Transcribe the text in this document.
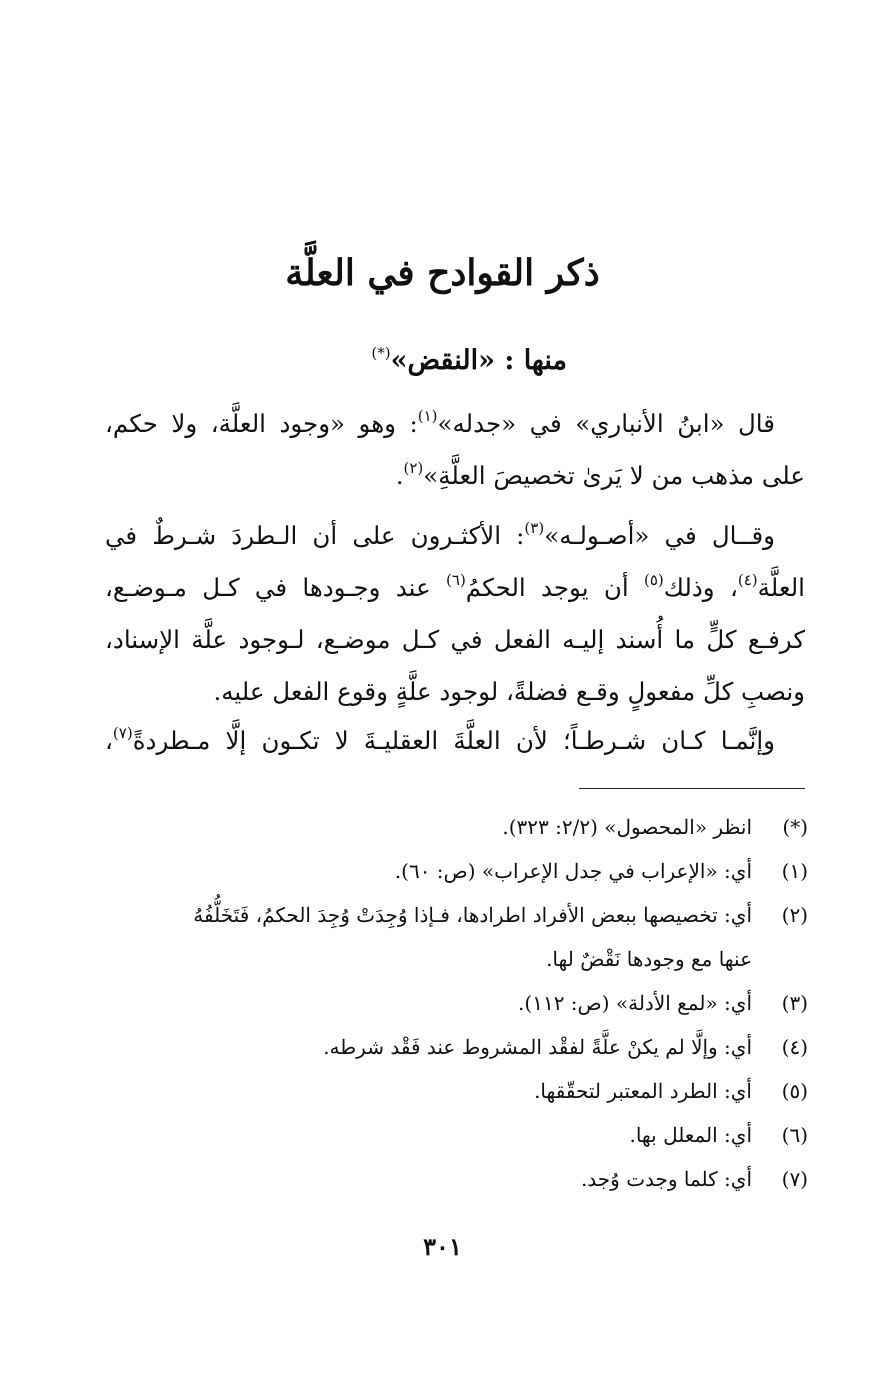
ذكر القوادح في العلَّة
منها : «النقض»(*)
قال «ابنُ الأنباري» في «جدله»$^{(١)}$: وهو «وجود العلَّة، ولا حكم،
على مذهب من لا يَرىٰ تخصيصَ العلَّةِ»$^{(٢)}$.
وقــال في «أصـولـه»$^{(٣)}$: الأكثـرون على أن الـطردَ شـرطٌ في
العلَّة$^{(٤)}$، وذلك$^{(٥)}$ أن يوجد الحكمُ$^{(٦)}$ عند وجـودها في كـل مـوضـع،
كرفـع كلٍّ ما أُسند إليـه الفعل في كـل موضـع، لـوجود علَّة الإسناد،
ونصبِ كلِّ مفعولٍ وقـع فضلةً، لوجود علَّةٍ وقوع الفعل عليه.
وإنَّمـا كـان شـرطـاً؛ لأن العلَّةَ العقليـةَ لا تكـون إلَّا مـطردةً$^{(٧)}$،
(*)
انظر «المحصول» (٢/٢: ٣٢٣).
(١)
أي: «الإعراب في جدل الإعراب» (ص: ٦٠).
(٢)
أي: تخصيصها ببعض الأفراد اطرادها، فـإذا وُجِدَتْ وُجِدَ الحكمُ، فَتَخَلُّفُهُ
عنها مع وجودها نَقْضٌ لها.
(٣)
أي: «لمع الأدلة» (ص: ١١٢).
(٤)
أي: وإلَّا لم يكنْ علَّةً لفقْد المشروط عند فَقْد شرطه.
(٥)
أي: الطرد المعتبر لتحقّقها.
(٦)
أي: المعلل بها.
(٧)
أي: كلما وجدت وُجد.
٣٠١
